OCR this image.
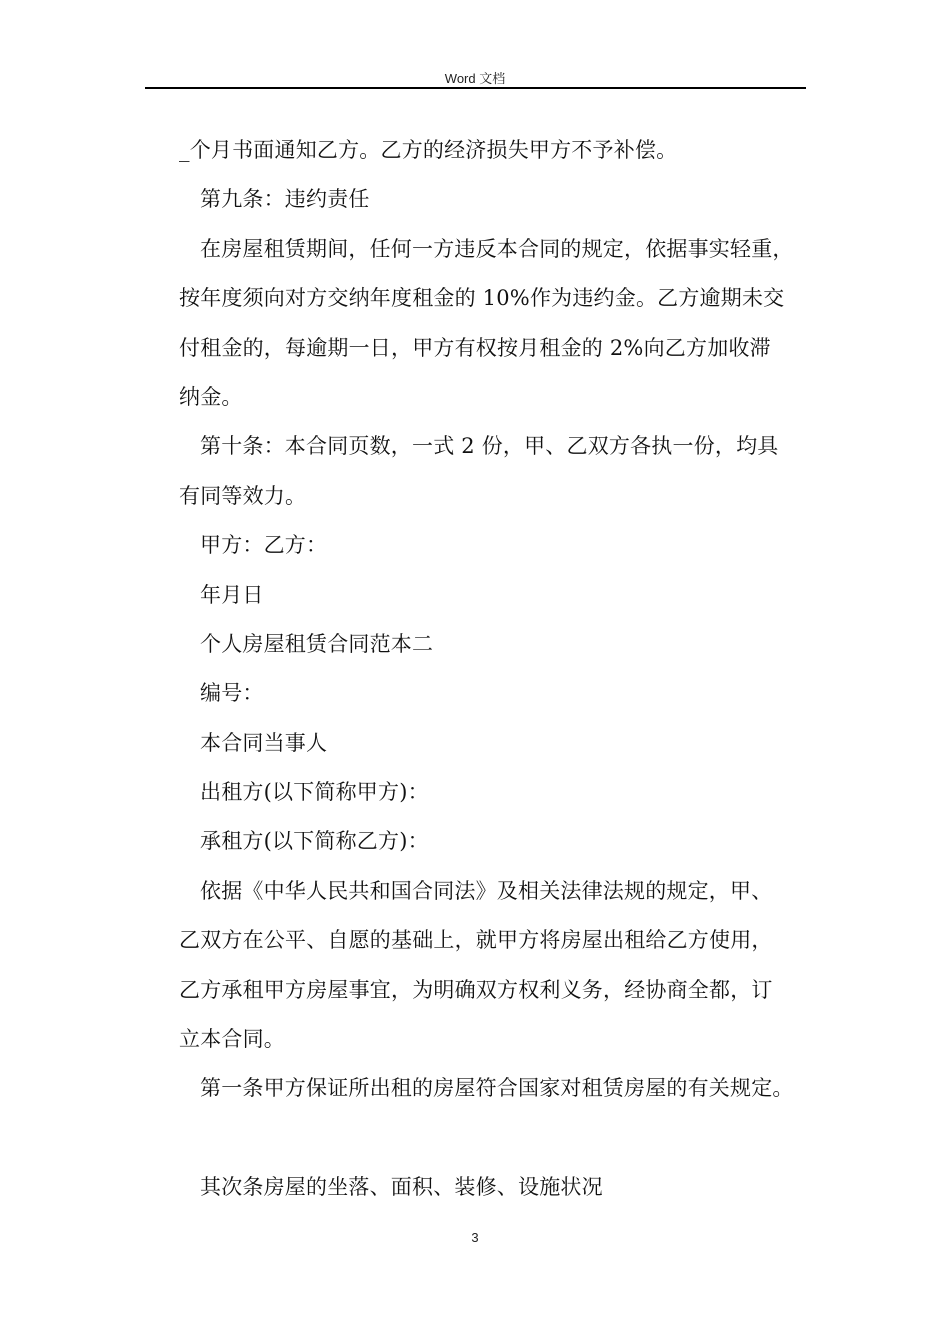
Word 文档
_个月书面通知乙方。乙方的经济损失甲方不予补偿。
第九条：违约责任
在房屋租赁期间，任何一方违反本合同的规定，依据事实轻重，
按年度须向对方交纳年度租金的 10%作为违约金。乙方逾期未交
付租金的，每逾期一日，甲方有权按月租金的 2%向乙方加收滞
纳金。
第十条：本合同页数，一式 2 份，甲、乙双方各执一份，均具
有同等效力。
甲方：乙方：
年月日
个人房屋租赁合同范本二
编号：
本合同当事人
出租方(以下简称甲方)：
承租方(以下简称乙方)：
依据《中华人民共和国合同法》及相关法律法规的规定，甲、
乙双方在公平、自愿的基础上，就甲方将房屋出租给乙方使用，
乙方承租甲方房屋事宜，为明确双方权利义务，经协商全都，订
立本合同。
第一条甲方保证所出租的房屋符合国家对租赁房屋的有关规定。
其次条房屋的坐落、面积、装修、设施状况
3
